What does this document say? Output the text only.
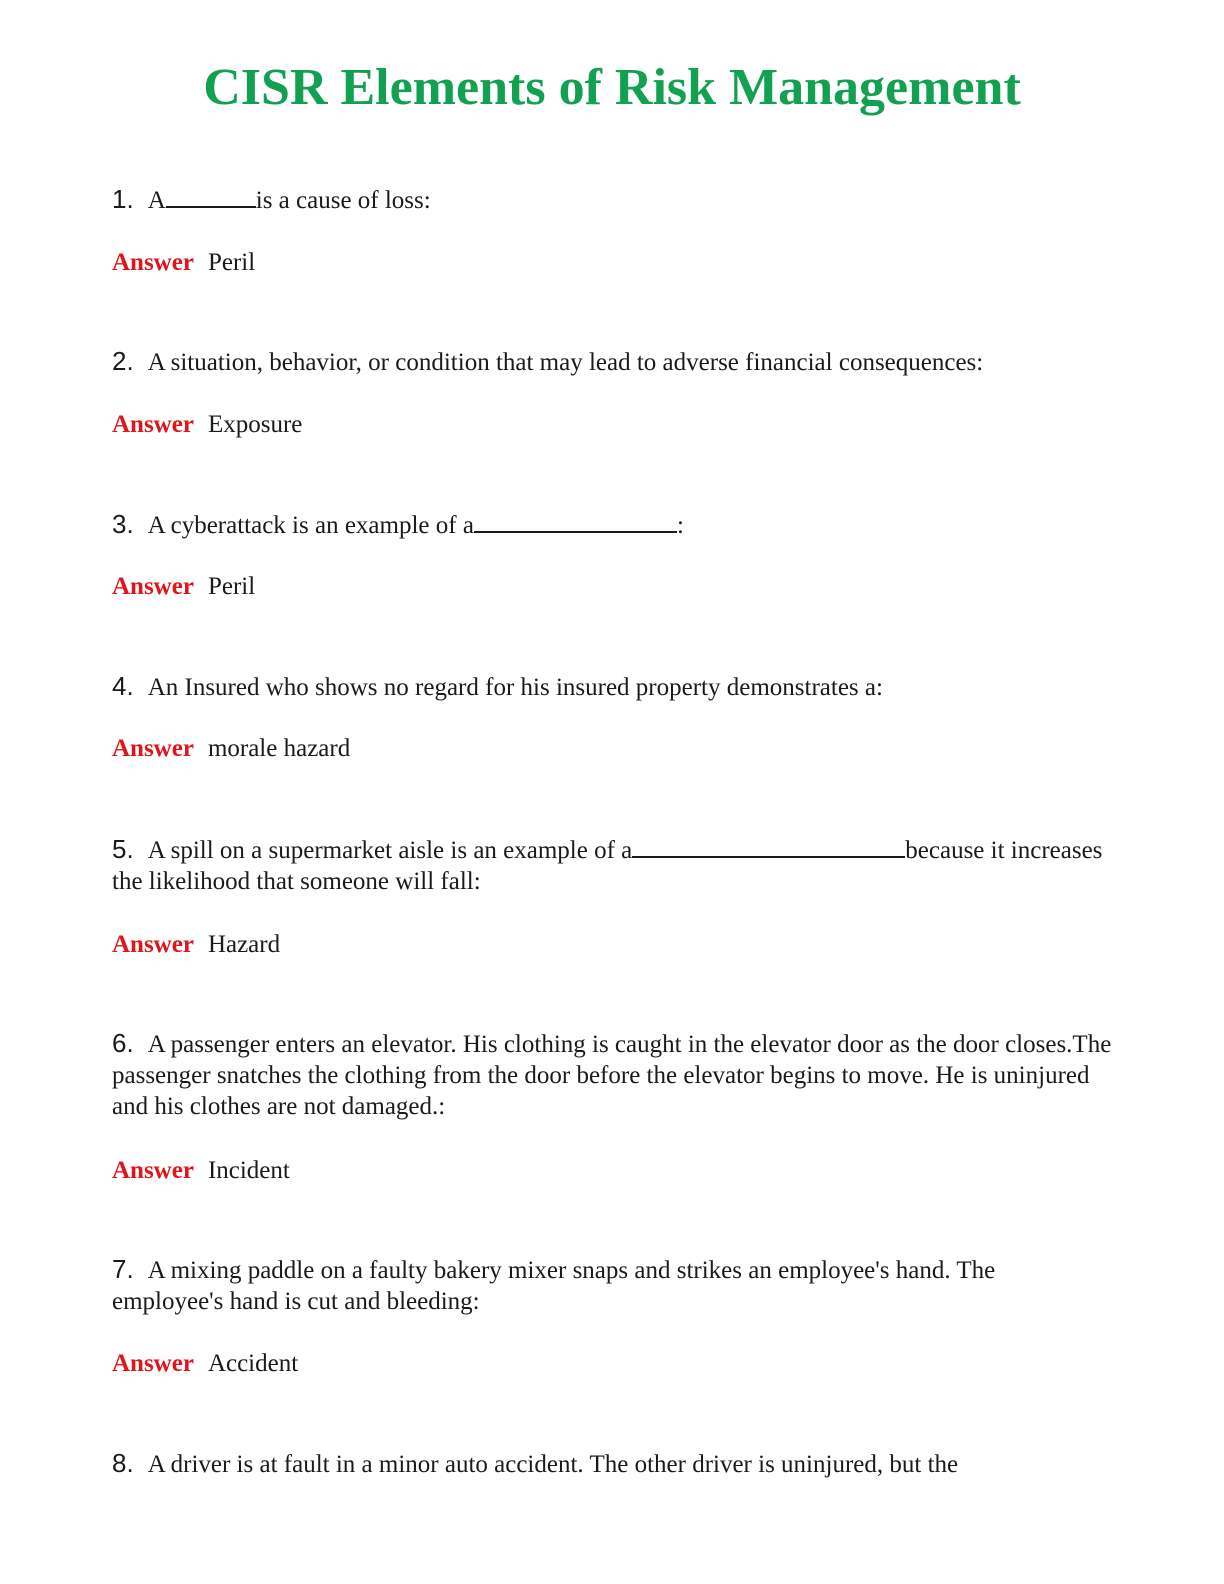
CISR Elements of Risk Management

1. A	is a cause of loss:

Answer Peril

2. A situation, behavior, or condition that may lead to adverse financial consequences:

Answer Exposure

3. A cyberattack is an example of a	:

Answer Peril

4. An Insured who shows no regard for his insured property demonstrates a:

Answer morale hazard

5. A spill on a supermarket aisle is an example of a	because it increases the likelihood that someone will fall:

Answer Hazard

6. A passenger enters an elevator. His clothing is caught in the elevator door as the door closes.The passenger snatches the clothing from the door before the elevator begins to move. He is uninjured and his clothes are not damaged.:

Answer Incident

7. A mixing paddle on a faulty bakery mixer snaps and strikes an employee's hand. The employee's hand is cut and bleeding:

Answer Accident

8. A driver is at fault in a minor auto accident. The other driver is uninjured, but the
